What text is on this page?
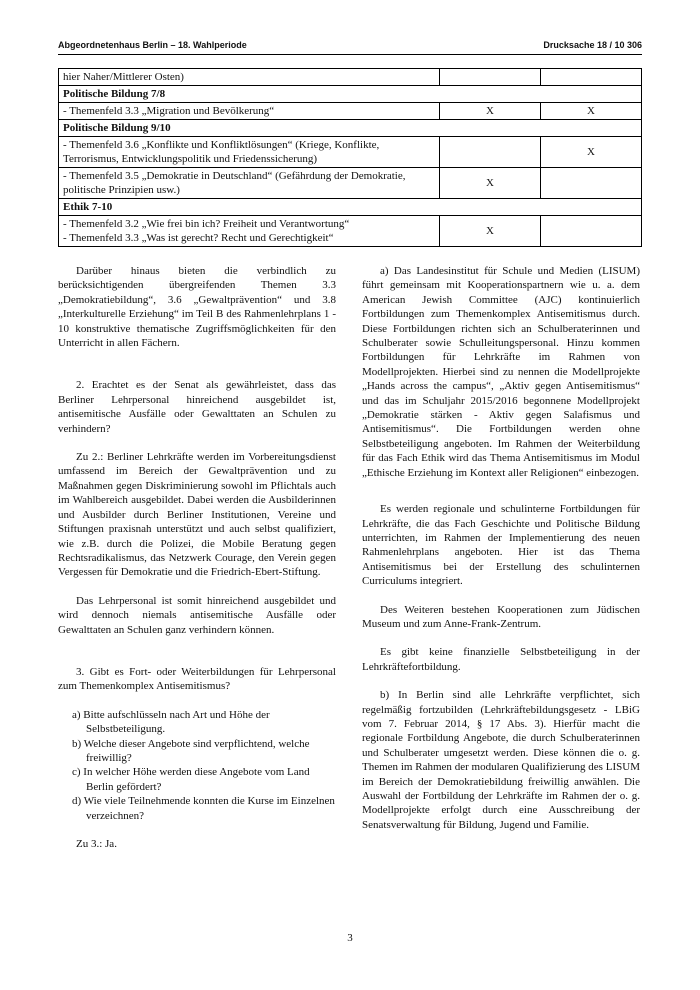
Abgeordnetenhaus Berlin – 18. Wahlperiode	Drucksache 18 / 10 306
hier Naher/Mittlerer Osten)		
Politische Bildung 7/8		
- Themenfeld 3.3 „Migration und Bevölkerung“	X	X
Politische Bildung 9/10		
- Themenfeld 3.6 „Konflikte und Konfliktlösungen“ (Kriege, Konflikte, Terrorismus, Entwicklungspolitik und Friedenssicherung)		X
- Themenfeld 3.5 „Demokratie in Deutschland“ (Gefährdung der Demokratie, politische Prinzipien usw.)	X	
Ethik 7-10		

- Themenfeld 3.2 „Wie frei bin ich? Freiheit und Verantwortung“
- Themenfeld 3.3 „Was ist gerecht? Recht und Gerechtigkeit“	X	

Darüber hinaus bieten die verbindlich zu berücksichtigenden übergreifenden Themen 3.3 „Demokratiebildung“, 3.6 „Gewaltprävention“ und 3.8 „Interkulturelle Erziehung“ im Teil B des Rahmenlehrplans 1 - 10 konstruktive thematische Zugriffsmöglichkeiten für den Unterricht in allen Fächern.

2. Erachtet es der Senat als gewährleistet, dass das Berliner Lehrpersonal hinreichend ausgebildet ist, antisemitische Ausfälle oder Gewalttaten an Schulen zu verhindern?

Zu 2.: Berliner Lehrkräfte werden im Vorbereitungsdienst umfassend im Bereich der Gewaltprävention und zu Maßnahmen gegen Diskriminierung sowohl im Pflichtals auch im Wahlbereich ausgebildet. Dabei werden die Ausbilderinnen und Ausbilder durch Berliner Institutionen, Vereine und Stiftungen praxisnah unterstützt und auch selbst qualifiziert, wie z.B. durch die Polizei, die Mobile Beratung gegen Rechtsradikalismus, das Netzwerk Courage, den Verein gegen Vergessen für Demokratie und die Friedrich-Ebert-Stiftung.

Das Lehrpersonal ist somit hinreichend ausgebildet und wird dennoch niemals antisemitische Ausfälle oder Gewalttaten an Schulen ganz verhindern können.

3. Gibt es Fort- oder Weiterbildungen für Lehrpersonal zum Themenkomplex Antisemitismus?

a) Bitte aufschlüsseln nach Art und Höhe der Selbstbeteiligung.
b) Welche dieser Angebote sind verpflichtend, welche freiwillig?
c) In welcher Höhe werden diese Angebote vom Land Berlin gefördert?
d) Wie viele Teilnehmende konnten die Kurse im Einzelnen verzeichnen?

Zu 3.: Ja.

a) Das Landesinstitut für Schule und Medien (LISUM) führt gemeinsam mit Kooperationspartnern wie u. a. dem American Jewish Committee (AJC) kontinuierlich Fortbildungen zum Themenkomplex Antisemitismus durch. Diese Fortbildungen richten sich an Schulberaterinnen und Schulberater sowie Schulleitungspersonal. Hinzu kommen Fortbildungen für Lehrkräfte im Rahmen von Modellprojekten. Hierbei sind zu nennen die Modellprojekte „Hands across the campus“, „Aktiv gegen Antisemitismus“ und das im Schuljahr 2015/2016 begonnene Modellprojekt „Demokratie stärken - Aktiv gegen Salafismus und Antisemitismus“. Die Fortbildungen werden ohne Selbstbeteiligung angeboten. Im Rahmen der Weiterbildung für das Fach Ethik wird das Thema Antisemitismus im Modul „Ethische Erziehung im Kontext aller Religionen“ einbezogen.

Es werden regionale und schulinterne Fortbildungen für Lehrkräfte, die das Fach Geschichte und Politische Bildung unterrichten, im Rahmen der Implementierung des neuen Rahmenlehrplans angeboten. Hier ist das Thema Antisemitismus bei der Erstellung des schulinternen Curriculums integriert.

Des Weiteren bestehen Kooperationen zum Jüdischen Museum und zum Anne-Frank-Zentrum.

Es gibt keine finanzielle Selbstbeteiligung in der Lehrkräftefortbildung.

b) In Berlin sind alle Lehrkräfte verpflichtet, sich regelmäßig fortzubilden (Lehrkräftebildungsgesetz - LBiG vom 7. Februar 2014, § 17 Abs. 3). Hierfür macht die regionale Fortbildung Angebote, die durch Schulberaterinnen und Schulberater umgesetzt werden. Diese können die o. g. Themen im Rahmen der modularen Qualifizierung des LISUM im Bereich der Demokratiebildung freiwillig anwählen. Die Auswahl der Fortbildung der Lehrkräfte im Rahmen der o. g. Modellprojekte erfolgt durch eine Ausschreibung der Senatsverwaltung für Bildung, Jugend und Familie.

3
